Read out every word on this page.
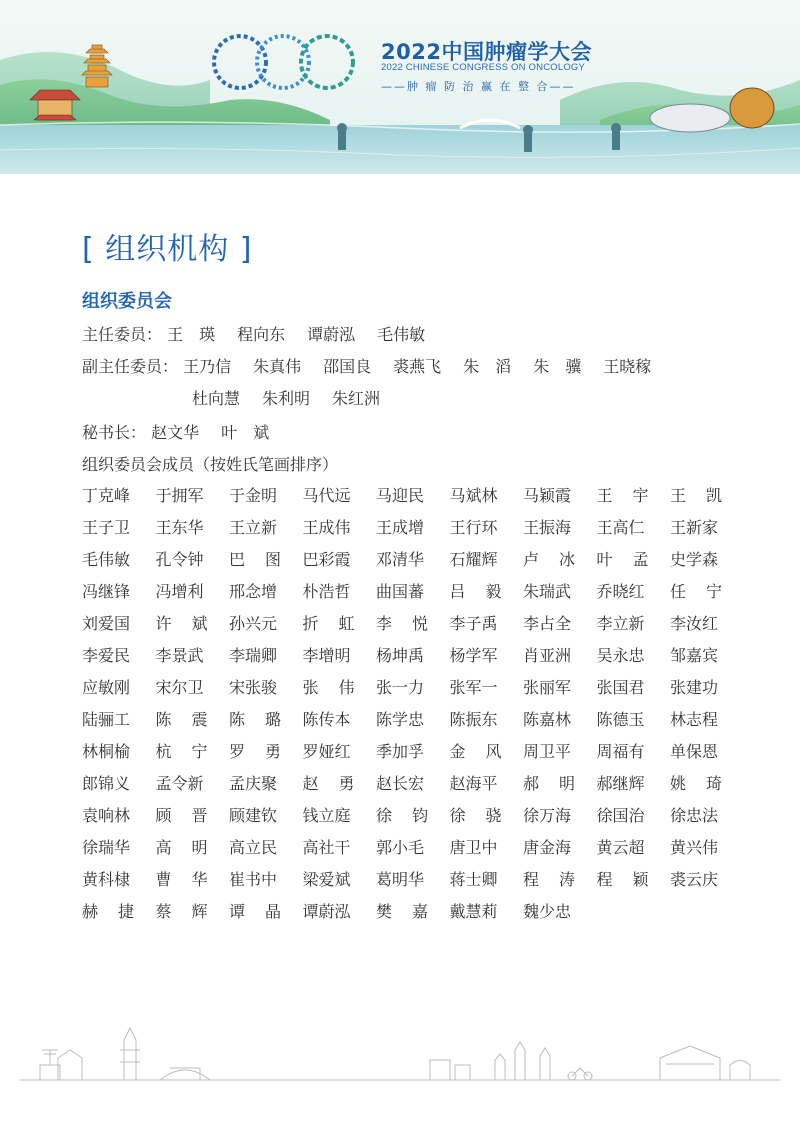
2022中国肿瘤学大会
2022 CHINESE CONGRESS ON ONCOLOGY
——肿 瘤 防 治 赢 在 整 合——
[ 组织机构 ]
组织委员会
主任委员： 王　瑛 程向东 谭蔚泓 毛伟敏
副主任委员： 王乃信 朱真伟 邵国良 裘燕飞 朱　滔 朱　骥 王晓稼
杜向慧 朱利明 朱红洲
秘书长： 赵文华 叶　斌
组织委员会成员（按姓氏笔画排序）
丁克峰 于拥军 于金明 马代远 马迎民 马斌林 马颖霞 王　宇 王　凯
王子卫 王东华 王立新 王成伟 王成增 王行环 王振海 王高仁 王新家
毛伟敏 孔令钟 巴　图 巴彩霞 邓清华 石耀辉 卢　冰 叶　孟 史学森
冯继锋 冯增利 邢念增 朴浩哲 曲国蕃 吕　毅 朱瑞武 乔晓红 任　宁
刘爱国 许　斌 孙兴元 折　虹 李　悦 李子禹 李占全 李立新 李汝红
李爱民 李景武 李瑞卿 李增明 杨坤禹 杨学军 肖亚洲 吴永忠 邹嘉宾
应敏刚 宋尔卫 宋张骏 张　伟 张一力 张军一 张丽军 张国君 张建功
陆骊工 陈　震 陈　璐 陈传本 陈学忠 陈振东 陈嘉林 陈德玉 林志程
林桐榆 杭　宁 罗　勇 罗娅红 季加孚 金　风 周卫平 周福有 单保恩
郎锦义 孟令新 孟庆聚 赵　勇 赵长宏 赵海平 郝　明 郝继辉 姚　琦
袁响林 顾　晋 顾建钦 钱立庭 徐　钧 徐　骁 徐万海 徐国治 徐忠法
徐瑞华 高　明 高立民 高社干 郭小毛 唐卫中 唐金海 黄云超 黄兴伟
黄科棣 曹　华 崔书中 梁爱斌 葛明华 蒋士卿 程　涛 程　颖 裘云庆
赫　捷 蔡　辉 谭　晶 谭蔚泓 樊　嘉 戴慧莉 魏少忠
